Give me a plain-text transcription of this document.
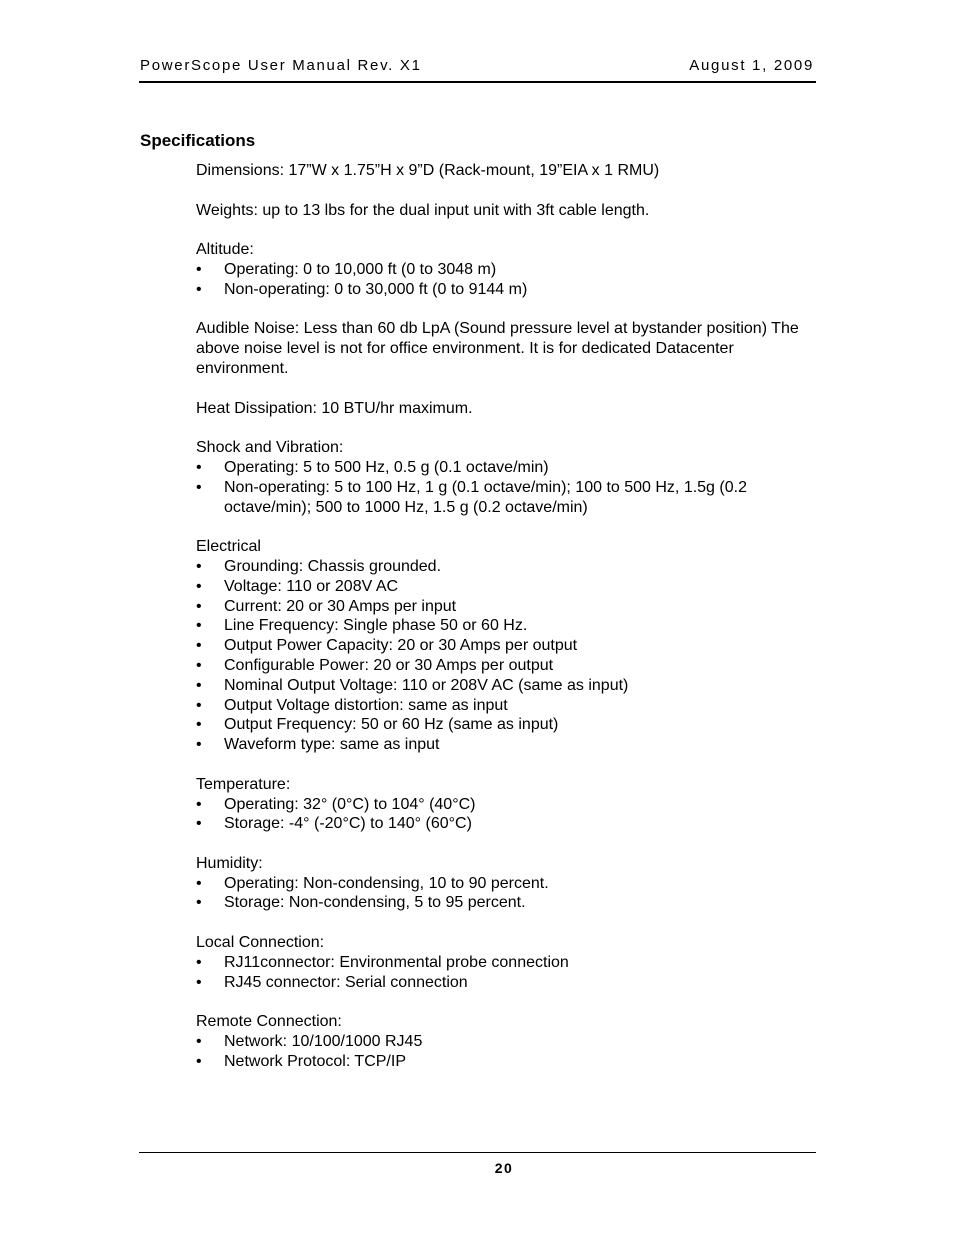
PowerScope User Manual Rev. X1	August 1, 2009
Specifications

Dimensions: 17”W x 1.75”H x 9”D (Rack-mount, 19”EIA x 1 RMU)

Weights: up to 13 lbs for the dual input unit with 3ft cable length.

Altitude:

•	Operating: 0 to 10,000 ft (0 to 3048 m)
•	Non-operating: 0 to 30,000 ft (0 to 9144 m)

Audible Noise: Less than 60 db LpA (Sound pressure level at bystander position) The above noise level is not for office environment. It is for dedicated Datacenter environment.

Heat Dissipation: 10 BTU/hr maximum.

Shock and Vibration:

•	Operating: 5 to 500 Hz, 0.5 g (0.1 octave/min)
•	Non-operating: 5 to 100 Hz, 1 g (0.1 octave/min); 100 to 500 Hz, 1.5g (0.2 octave/min); 500 to 1000 Hz, 1.5 g (0.2 octave/min)

Electrical

•	Grounding: Chassis grounded.
•	Voltage: 110 or 208V AC
•	Current: 20 or 30 Amps per input
•	Line Frequency: Single phase 50 or 60 Hz.
•	Output Power Capacity: 20 or 30 Amps per output
•	Configurable Power: 20 or 30 Amps per output
•	Nominal Output Voltage: 110 or 208V AC (same as input)
•	Output Voltage distortion: same as input
•	Output Frequency: 50 or 60 Hz (same as input)
•	Waveform type: same as input

Temperature:

•	Operating: 32° (0°C) to 104° (40°C)
•	Storage: -4° (-20°C) to 140° (60°C)

Humidity:

•	Operating: Non-condensing, 10 to 90 percent.
•	Storage: Non-condensing, 5 to 95 percent.

Local Connection:

•	RJ11connector: Environmental probe connection
•	RJ45 connector: Serial connection

Remote Connection:

•	Network: 10/100/1000 RJ45
•	Network Protocol: TCP/IP
20
